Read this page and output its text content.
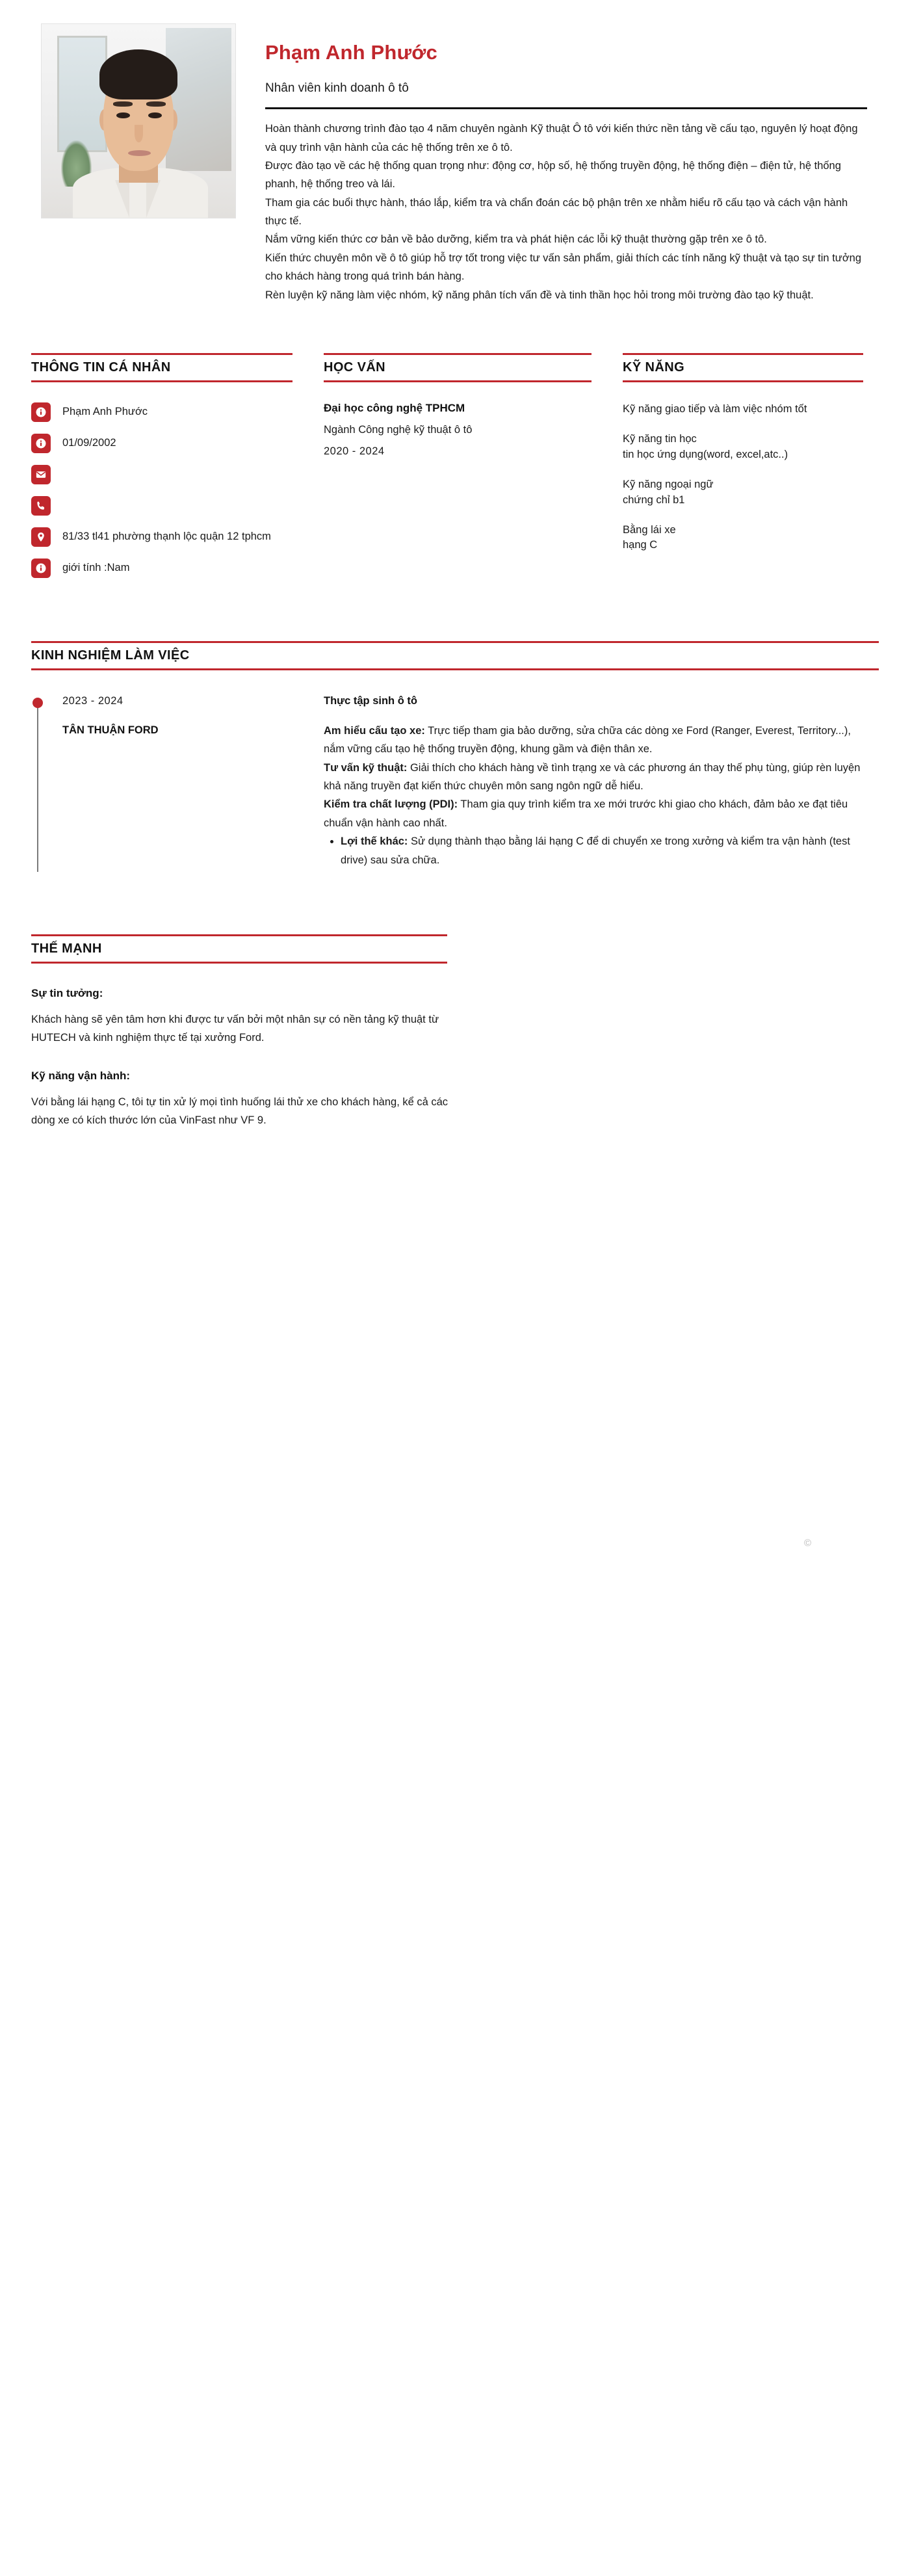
Phạm Anh Phước
Nhân viên kinh doanh ô tô

Hoàn thành chương trình đào tạo 4 năm chuyên ngành Kỹ thuật Ô tô với kiến thức nền tảng về cấu tạo, nguyên lý hoạt động và quy trình vận hành của các hệ thống trên xe ô tô.

Được đào tạo về các hệ thống quan trọng như: động cơ, hộp số, hệ thống truyền động, hệ thống điện – điện tử, hệ thống phanh, hệ thống treo và lái.

Tham gia các buổi thực hành, tháo lắp, kiểm tra và chẩn đoán các bộ phận trên xe nhằm hiểu rõ cấu tạo và cách vận hành thực tế.

Nắm vững kiến thức cơ bản về bảo dưỡng, kiểm tra và phát hiện các lỗi kỹ thuật thường gặp trên xe ô tô.

Kiến thức chuyên môn về ô tô giúp hỗ trợ tốt trong việc tư vấn sản phẩm, giải thích các tính năng kỹ thuật và tạo sự tin tưởng cho khách hàng trong quá trình bán hàng.

Rèn luyện kỹ năng làm việc nhóm, kỹ năng phân tích vấn đề và tinh thần học hỏi trong môi trường đào tạo kỹ thuật.

THÔNG TIN CÁ NHÂN
Phạm Anh Phước
01/09/2002
81/33 tl41 phường thạnh lộc quận 12 tphcm
giới tính :Nam
HỌC VẤN
Đại học công nghệ TPHCM
Ngành Công nghệ kỹ thuật ô tô
2020 - 2024
KỸ NĂNG
Kỹ năng giao tiếp và làm việc nhóm tốt
Kỹ năng tin học
tin học ứng dụng(word, excel,atc..)
Kỹ năng ngoại ngữ
chứng chỉ b1
Bằng lái xe
hạng C
KINH NGHIỆM LÀM VIỆC
2023 - 2024
TÂN THUẬN FORD
Thực tập sinh ô tô

Am hiểu cấu tạo xe: Trực tiếp tham gia bảo dưỡng, sửa chữa các dòng xe Ford (Ranger, Everest, Territory...), nắm vững cấu tạo hệ thống truyền động, khung gầm và điện thân xe.

Tư vấn kỹ thuật: Giải thích cho khách hàng về tình trạng xe và các phương án thay thế phụ tùng, giúp rèn luyện khả năng truyền đạt kiến thức chuyên môn sang ngôn ngữ dễ hiểu.

Kiểm tra chất lượng (PDI): Tham gia quy trình kiểm tra xe mới trước khi giao cho khách, đảm bảo xe đạt tiêu chuẩn vận hành cao nhất.

• Lợi thế khác: Sử dụng thành thạo bằng lái hạng C để di chuyển xe trong xưởng và kiểm tra vận hành (test drive) sau sửa chữa.
THẾ MẠNH
Sự tin tưởng:
Khách hàng sẽ yên tâm hơn khi được tư vấn bởi một nhân sự có nền tảng kỹ thuật từ HUTECH và kinh nghiệm thực tế tại xưởng Ford.
Kỹ năng vận hành:
Với bằng lái hạng C, tôi tự tin xử lý mọi tình huống lái thử xe cho khách hàng, kể cả các dòng xe có kích thước lớn của VinFast như VF 9.
©
